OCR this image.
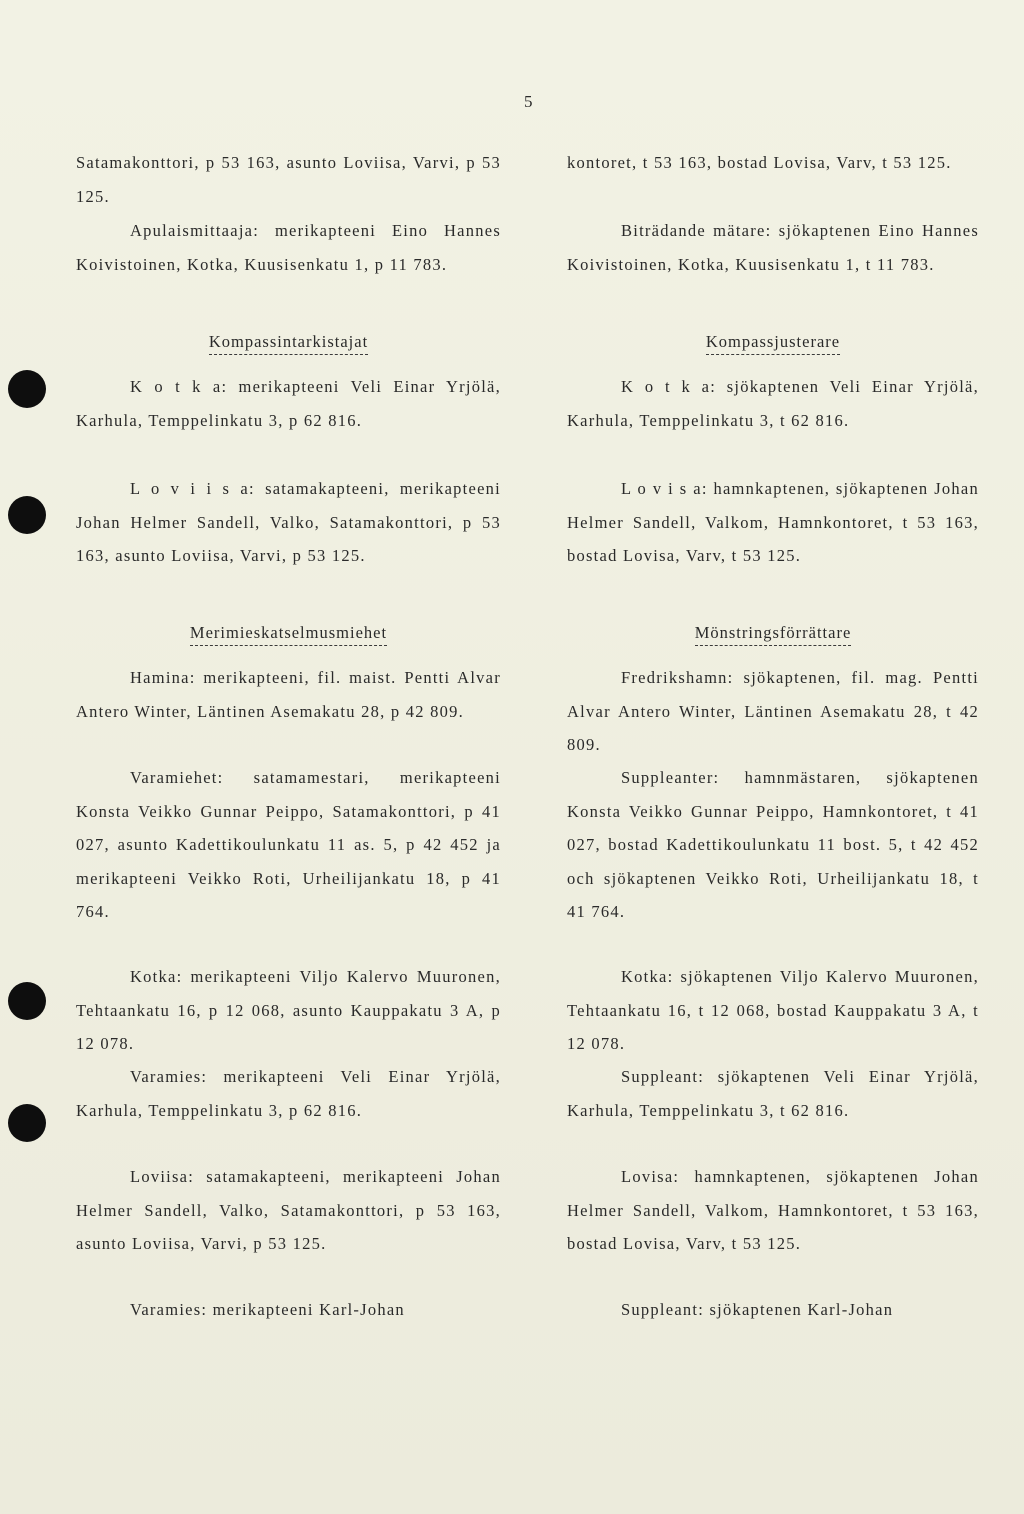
5

Satamakonttori, p 53 163, asunto Loviisa, Varvi, p 53 125.

Apulaismittaaja: merikapteeni Eino Hannes Koivistoinen, Kotka, Kuusisenkatu 1, p 11 783.

Kompassintarkistajat

K o t k a: merikapteeni Veli Einar Yrjölä, Karhula, Temppelinkatu 3, p 62 816.

L o v i i s a: satamakapteeni, merikapteeni Johan Helmer Sandell, Valko, Satamakonttori, p 53 163, asunto Loviisa, Varvi, p 53 125.

Merimieskatselmusmiehet

Hamina: merikapteeni, fil. maist. Pentti Alvar Antero Winter, Läntinen Asemakatu 28, p 42 809.

Varamiehet: satamamestari, merikapteeni Konsta Veikko Gunnar Peippo, Satamakonttori, p 41 027, asunto Kadettikoulunkatu 11 as. 5, p 42 452 ja merikapteeni Veikko Roti, Urheilijankatu 18, p 41 764.

Kotka: merikapteeni Viljo Kalervo Muuronen, Tehtaankatu 16, p 12 068, asunto Kauppakatu 3 A, p 12 078.

Varamies: merikapteeni Veli Einar Yrjölä, Karhula, Temppelinkatu 3, p 62 816.

Loviisa: satamakapteeni, merikapteeni Johan Helmer Sandell, Valko, Satamakonttori, p 53 163, asunto Loviisa, Varvi, p 53 125.

Varamies: merikapteeni Karl-Johan

kontoret, t 53 163, bostad Lovisa, Varv, t 53 125.

Biträdande mätare: sjökaptenen Eino Hannes Koivistoinen, Kotka, Kuusisenkatu 1, t 11 783.

Kompassjusterare

K o t k a: sjökaptenen Veli Einar Yrjölä, Karhula, Temppelinkatu 3, t 62 816.

L o v i s a: hamnkaptenen, sjökaptenen Johan Helmer Sandell, Valkom, Hamnkontoret, t 53 163, bostad Lovisa, Varv, t 53 125.

Mönstringsförrättare

Fredrikshamn: sjökaptenen, fil. mag. Pentti Alvar Antero Winter, Läntinen Asemakatu 28, t 42 809.

Suppleanter: hamnmästaren, sjökaptenen Konsta Veikko Gunnar Peippo, Hamnkontoret, t 41 027, bostad Kadettikoulunkatu 11 bost. 5, t 42 452 och sjökaptenen Veikko Roti, Urheilijankatu 18, t 41 764.

Kotka: sjökaptenen Viljo Kalervo Muuronen, Tehtaankatu 16, t 12 068, bostad Kauppakatu 3 A, t 12 078.

Suppleant: sjökaptenen Veli Einar Yrjölä, Karhula, Temppelinkatu 3, t 62 816.

Lovisa: hamnkaptenen, sjökaptenen Johan Helmer Sandell, Valkom, Hamnkontoret, t 53 163, bostad Lovisa, Varv, t 53 125.

Suppleant: sjökaptenen Karl-Johan
